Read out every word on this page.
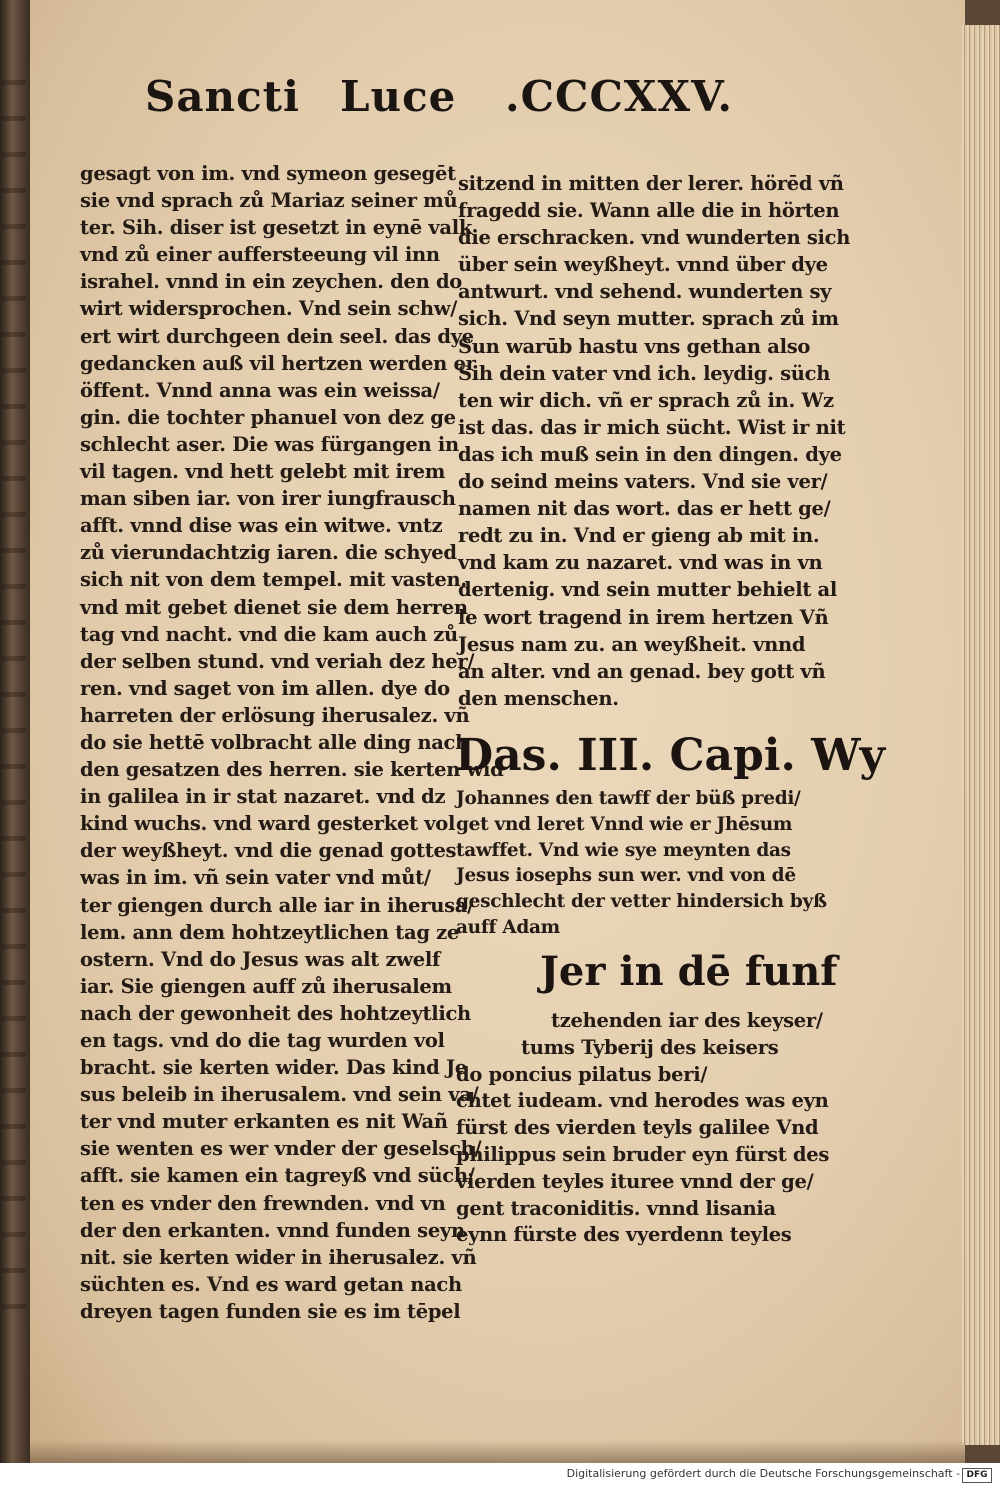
Sancti Luce .CCCXXV.
gesagt von im. vnd symeon gesegēt
sie vnd sprach zů Mariaz seiner mů
ter. Sih. diser ist gesetzt in eynē valk
vnd zů einer auffersteeung vil inn
israhel. vnnd in ein zeychen. den do
wirt widersprochen. Vnd sein schw/
ert wirt durchgeen dein seel. das dye
gedancken auß vil hertzen werden er
öffent. Vnnd anna was ein weissa/
gin. die tochter phanuel von dez ge
schlecht aser. Die was fürgangen in
vil tagen. vnd hett gelebt mit irem
man siben iar. von irer iungfrausch
afft. vnnd dise was ein witwe. vntz
zů vierundachtzig iaren. die schyed
sich nit von dem tempel. mit vasten.
vnd mit gebet dienet sie dem herren
tag vnd nacht. vnd die kam auch zů
der selben stund. vnd veriah dez her/
ren. vnd saget von im allen. dye do
harreten der erlösung iherusalez. vñ
do sie hettē volbracht alle ding nach
den gesatzen des herren. sie kerten wid
in galilea in ir stat nazaret. vnd dz
kind wuchs. vnd ward gesterket vol
der weyßheyt. vnd die genad gottes
was in im. vñ sein vater vnd můt/
ter giengen durch alle iar in iherusa/
lem. ann dem hohtzeytlichen tag ze
ostern. Vnd do Jesus was alt zwelf
iar. Sie giengen auff zů iherusalem
nach der gewonheit des hohtzeytlich
en tags. vnd do die tag wurden vol
bracht. sie kerten wider. Das kind Je
sus beleib in iherusalem. vnd sein va/
ter vnd muter erkanten es nit Wañ
sie wenten es wer vnder der geselsch/
afft. sie kamen ein tagreyß vnd süch/
ten es vnder den frewnden. vnd vn
der den erkanten. vnnd funden seyn
nit. sie kerten wider in iherusalez. vñ
süchten es. Vnd es ward getan nach
dreyen tagen funden sie es im tēpel
sitzend in mitten der lerer. hörēd vñ
fragedd sie. Wann alle die in hörten
die erschracken. vnd wunderten sich
über sein weyßheyt. vnnd über dye
antwurt. vnd sehend. wunderten sy
sich. Vnd seyn mutter. sprach zů im
Sun warūb hastu vns gethan also
Sih dein vater vnd ich. leydig. süch
ten wir dich. vñ er sprach zů in. Wz
ist das. das ir mich sücht. Wist ir nit
das ich muß sein in den dingen. dye
do seind meins vaters. Vnd sie ver/
namen nit das wort. das er hett ge/
redt zu in. Vnd er gieng ab mit in.
vnd kam zu nazaret. vnd was in vn
dertenig. vnd sein mutter behielt al
le wort tragend in irem hertzen Vñ
Jesus nam zu. an weyßheit. vnnd
an alter. vnd an genad. bey gott vñ
den menschen.
Das. III. Capi. Wy
Johannes den tawff der büß predi/
get vnd leret Vnnd wie er Jhēsum
tawffet. Vnd wie sye meynten das
Jesus iosephs sun wer. vnd von dē
geschlecht der vetter hindersich byß
auff Adam
Jer in dē funf
tzehenden iar des keyser/
tums Tyberij des keisers
do poncius pilatus beri/
chtet iudeam. vnd herodes was eyn
fürst des vierden teyls galilee Vnd
philippus sein bruder eyn fürst des
vierden teyles ituree vnnd der ge/
gent traconiditis. vnnd lisania
eynn fürste des vyerdenn teyles
Digitalisierung gefördert durch die Deutsche Forschungsgemeinschaft - DFG
